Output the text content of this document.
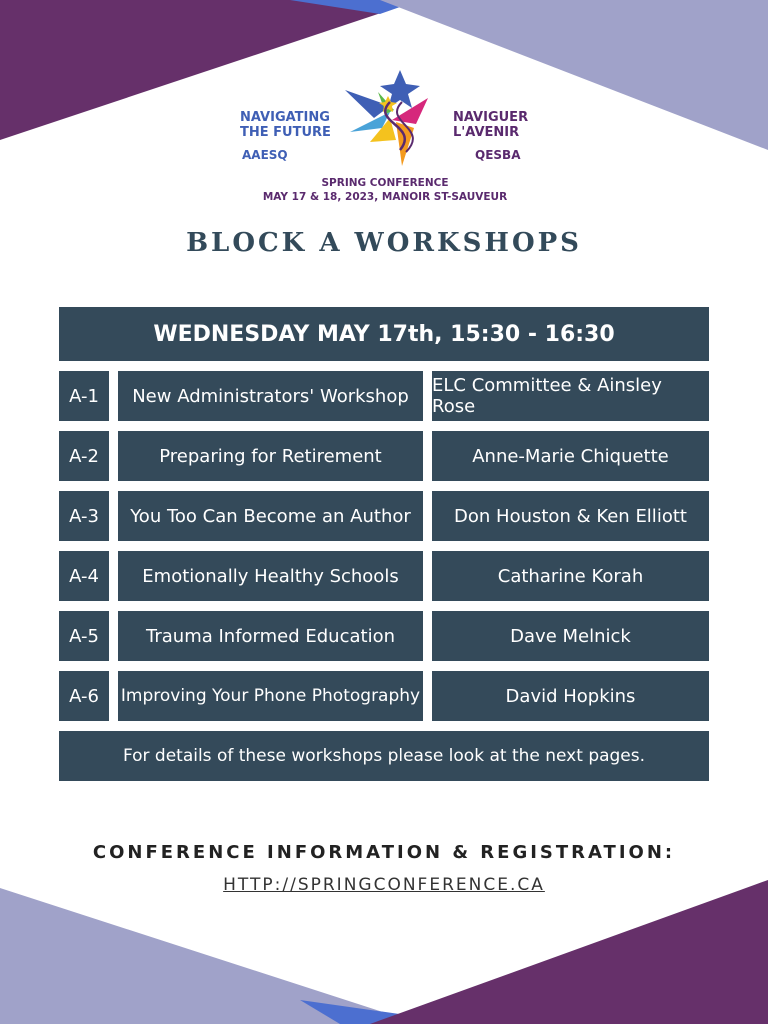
NAVIGATING
THE FUTURE
AAESQ
NAVIGUER
L'AVENIR
QESBA
SPRING CONFERENCE
MAY 17 & 18, 2023, MANOIR ST-SAUVEUR
BLOCK A WORKSHOPS
WEDNESDAY MAY 17th, 15:30 - 16:30
A-1	New Administrators' Workshop	ELC Committee & Ainsley Rose
A-2	Preparing for Retirement	Anne-Marie Chiquette
A-3	You Too Can Become an Author	Don Houston & Ken Elliott
A-4	Emotionally Healthy Schools	Catharine Korah
A-5	Trauma Informed Education	Dave Melnick
A-6	Improving Your Phone Photography	David Hopkins
For details of these workshops please look at the next pages.
CONFERENCE INFORMATION & REGISTRATION:
HTTP://SPRINGCONFERENCE.CA
